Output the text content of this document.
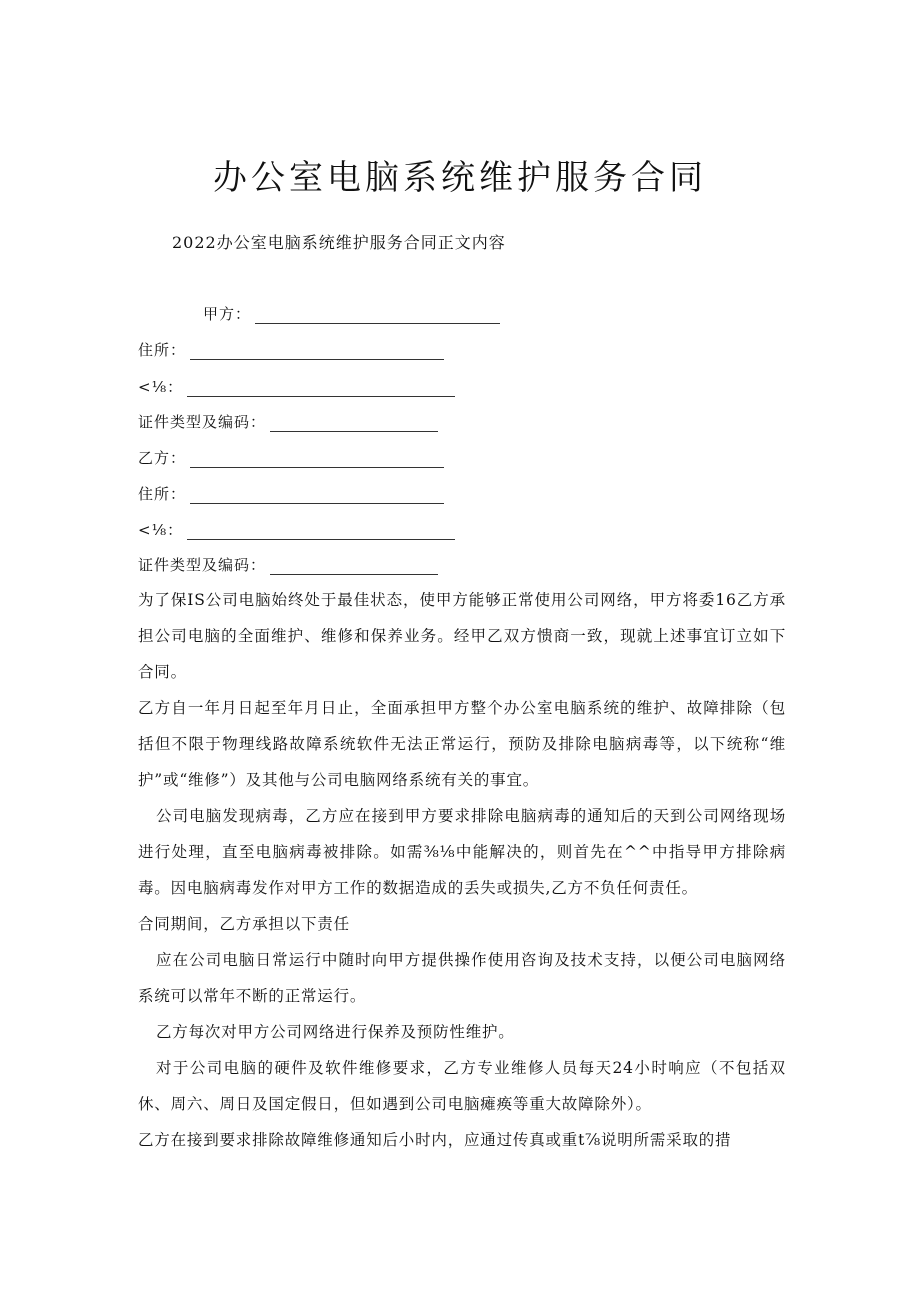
办公室电脑系统维护服务合同
2022办公室电脑系统维护服务合同正文内容
甲方：
住所：
<⅛：
证件类型及编码：
乙方：
住所：
<⅛：
证件类型及编码：
为了保IS公司电脑始终处于最佳状态，使甲方能够正常使用公司网络，甲方将委16乙方承担公司电脑的全面维护、维修和保养业务。经甲乙双方愦商一致，现就上述事宜订立如下合同。
乙方自一年月日起至年月日止，全面承担甲方整个办公室电脑系统的维护、故障排除（包括但不限于物理线路故障系统软件无法正常运行，预防及排除电脑病毒等，以下统称“维护”或“维修”）及其他与公司电脑网络系统有关的事宜。
公司电脑发现病毒，乙方应在接到甲方要求排除电脑病毒的通知后的天到公司网络现场进行处理，直至电脑病毒被排除。如需⅜⅛中能解决的，则首先在^^中指导甲方排除病毒。因电脑病毒发作对甲方工作的数据造成的丢失或损失,乙方不负任何责任。
合同期间，乙方承担以下责任
应在公司电脑日常运行中随时向甲方提供操作使用咨询及技术支持，以便公司电脑网络系统可以常年不断的正常运行。
乙方每次对甲方公司网络进行保养及预防性维护。
对于公司电脑的硬件及软件维修要求，乙方专业维修人员每天24小时响应（不包括双休、周六、周日及国定假日，但如遇到公司电脑瘫痪等重大故障除外）。
乙方在接到要求排除故障维修通知后小时内，应通过传真或重t⅞说明所需采取的措
